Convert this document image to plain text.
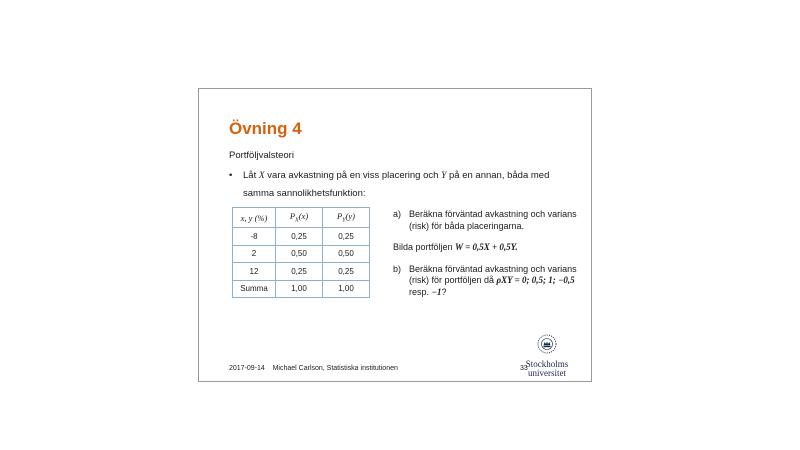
Övning 4
Portföljvalsteori
• Låt X vara avkastning på en viss placering och Y på en annan, båda med samma sannolikhetsfunktion:
x, y (%)	$P_X(x)$	$P_Y(y)$
-8	0,25	0,25
2	0,50	0,50
12	0,25	0,25
Summa	1,00	1,00
a) Beräkna förväntad avkastning och varians (risk) för båda placeringarna.
Bilda portföljen W = 0,5X + 0,5Y.
b) Beräkna förväntad avkastning och varians (risk) för portföljen då ρXY = 0; 0,5; 1; −0,5 resp. −1?
Stockholms
universitet
2017-09-14 Michael Carlson, Statistiska institutionen	33
